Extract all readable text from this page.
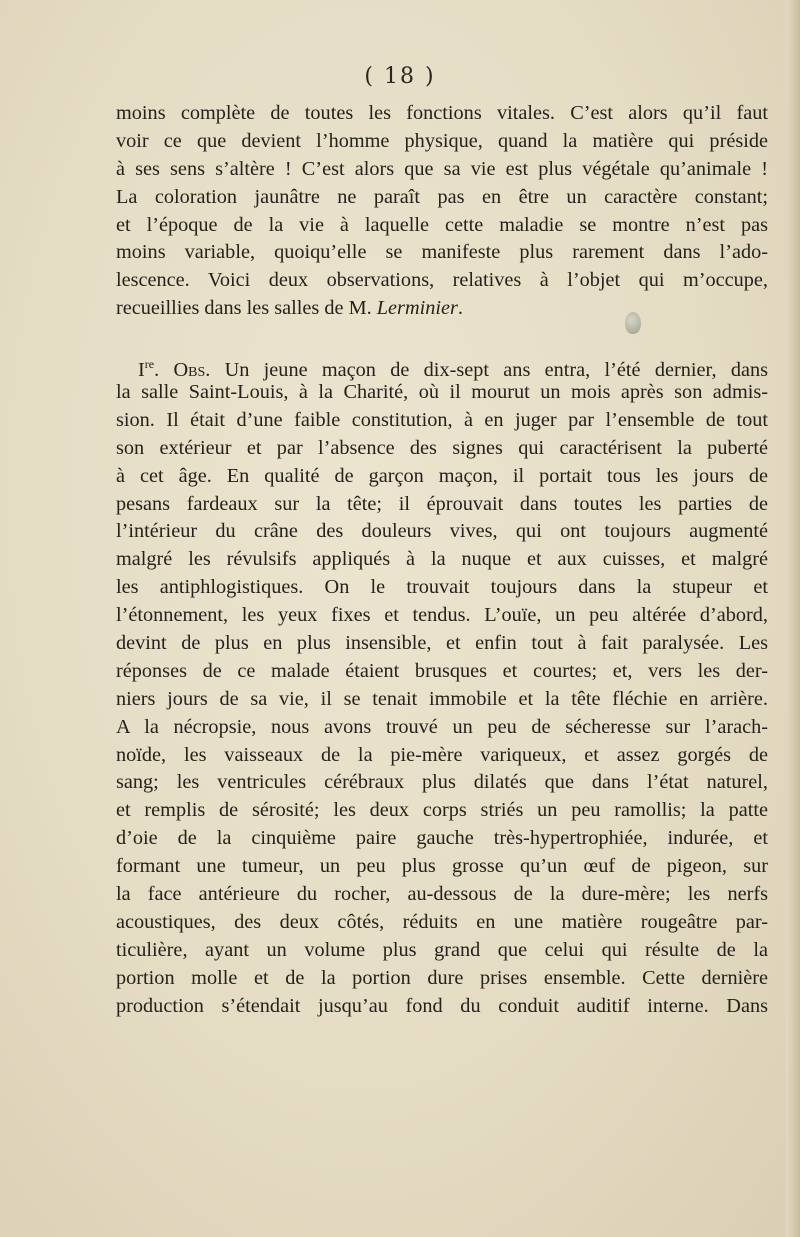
( 18 )
moins complète de toutes les fonctions vitales. C’est alors qu’il faut
voir ce que devient l’homme physique, quand la matière qui préside
à ses sens s’altère ! C’est alors que sa vie est plus végétale qu’animale !
La coloration jaunâtre ne paraît pas en être un caractère constant;
et l’époque de la vie à laquelle cette maladie se montre n’est pas
moins variable, quoiqu’elle se manifeste plus rarement dans l’ado-
lescence. Voici deux observations, relatives à l’objet qui m’occupe,
recueillies dans les salles de M. Lerminier.
Ire. Obs. Un jeune maçon de dix-sept ans entra, l’été dernier, dans
la salle Saint-Louis, à la Charité, où il mourut un mois après son admis-
sion. Il était d’une faible constitution, à en juger par l’ensemble de tout
son extérieur et par l’absence des signes qui caractérisent la puberté
à cet âge. En qualité de garçon maçon, il portait tous les jours de
pesans fardeaux sur la tête; il éprouvait dans toutes les parties de
l’intérieur du crâne des douleurs vives, qui ont toujours augmenté
malgré les révulsifs appliqués à la nuque et aux cuisses, et malgré
les antiphlogistiques. On le trouvait toujours dans la stupeur et
l’étonnement, les yeux fixes et tendus. L’ouïe, un peu altérée d’abord,
devint de plus en plus insensible, et enfin tout à fait paralysée. Les
réponses de ce malade étaient brusques et courtes; et, vers les der-
niers jours de sa vie, il se tenait immobile et la tête fléchie en arrière.
A la nécropsie, nous avons trouvé un peu de sécheresse sur l’arach-
noïde, les vaisseaux de la pie-mère variqueux, et assez gorgés de
sang; les ventricules cérébraux plus dilatés que dans l’état naturel,
et remplis de sérosité; les deux corps striés un peu ramollis; la patte
d’oie de la cinquième paire gauche très-hypertrophiée, indurée, et
formant une tumeur, un peu plus grosse qu’un œuf de pigeon, sur
la face antérieure du rocher, au-dessous de la dure-mère; les nerfs
acoustiques, des deux côtés, réduits en une matière rougeâtre par-
ticulière, ayant un volume plus grand que celui qui résulte de la
portion molle et de la portion dure prises ensemble. Cette dernière
production s’étendait jusqu’au fond du conduit auditif interne. Dans
